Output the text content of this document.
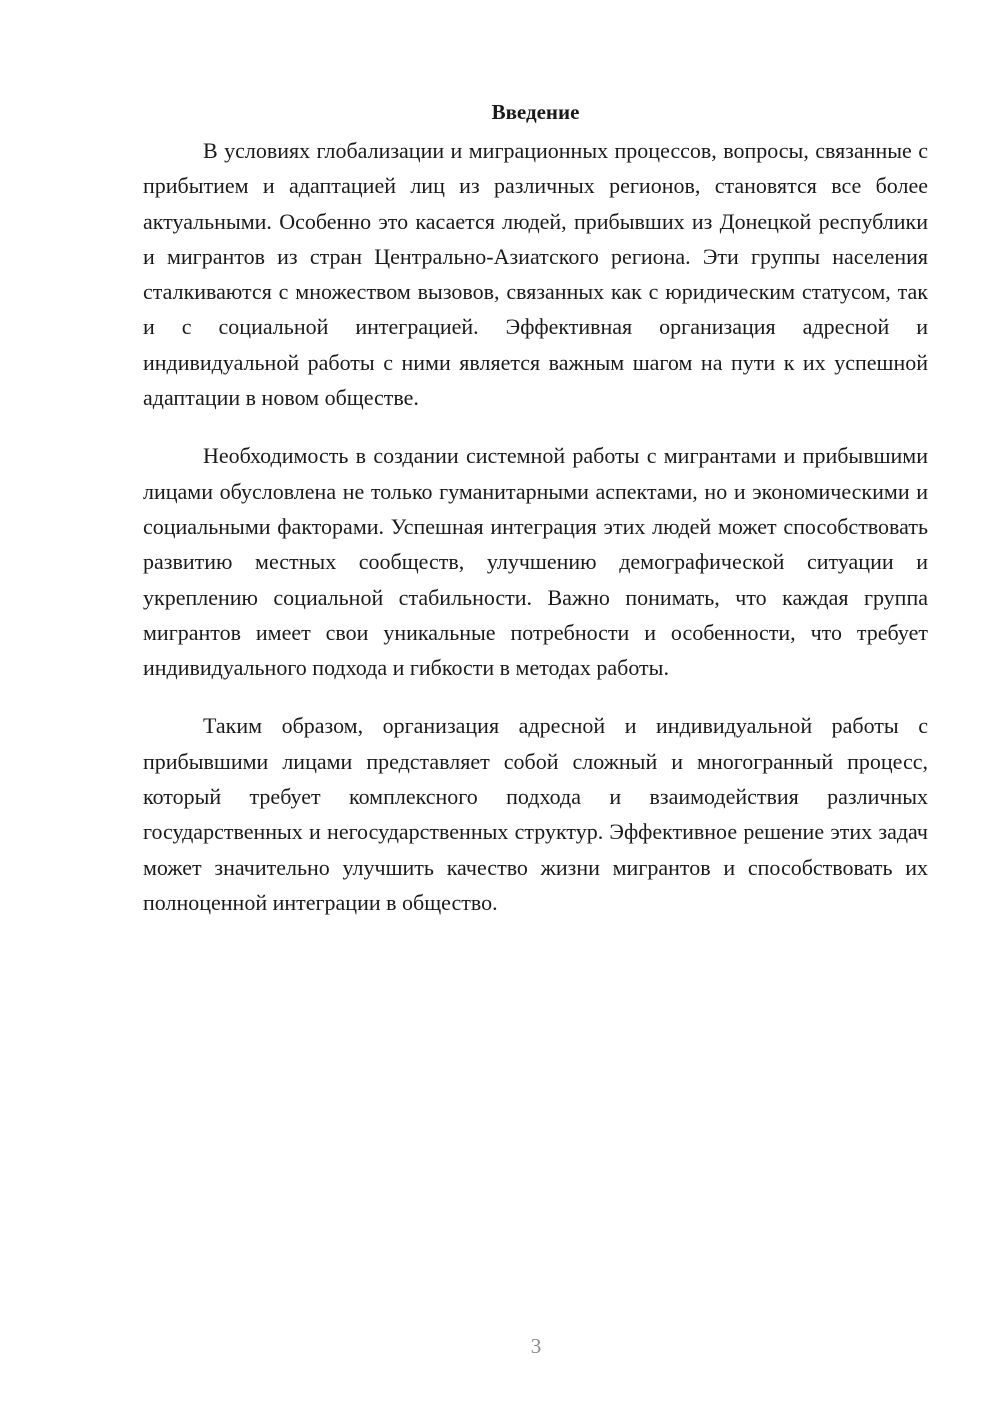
Введение

В условиях глобализации и миграционных процессов, вопросы, связанные с прибытием и адаптацией лиц из различных регионов, становятся все более актуальными. Особенно это касается людей, прибывших из Донецкой республики и мигрантов из стран Центрально-Азиатского региона. Эти группы населения сталкиваются с множеством вызовов, связанных как с юридическим статусом, так и с социальной интеграцией. Эффективная организация адресной и индивидуальной работы с ними является важным шагом на пути к их успешной адаптации в новом обществе.

Необходимость в создании системной работы с мигрантами и прибывшими лицами обусловлена не только гуманитарными аспектами, но и экономическими и социальными факторами. Успешная интеграция этих людей может способствовать развитию местных сообществ, улучшению демографической ситуации и укреплению социальной стабильности. Важно понимать, что каждая группа мигрантов имеет свои уникальные потребности и особенности, что требует индивидуального подхода и гибкости в методах работы.

Таким образом, организация адресной и индивидуальной работы с прибывшими лицами представляет собой сложный и многогранный процесс, который требует комплексного подхода и взаимодействия различных государственных и негосударственных структур. Эффективное решение этих задач может значительно улучшить качество жизни мигрантов и способствовать их полноценной интеграции в общество.

3
